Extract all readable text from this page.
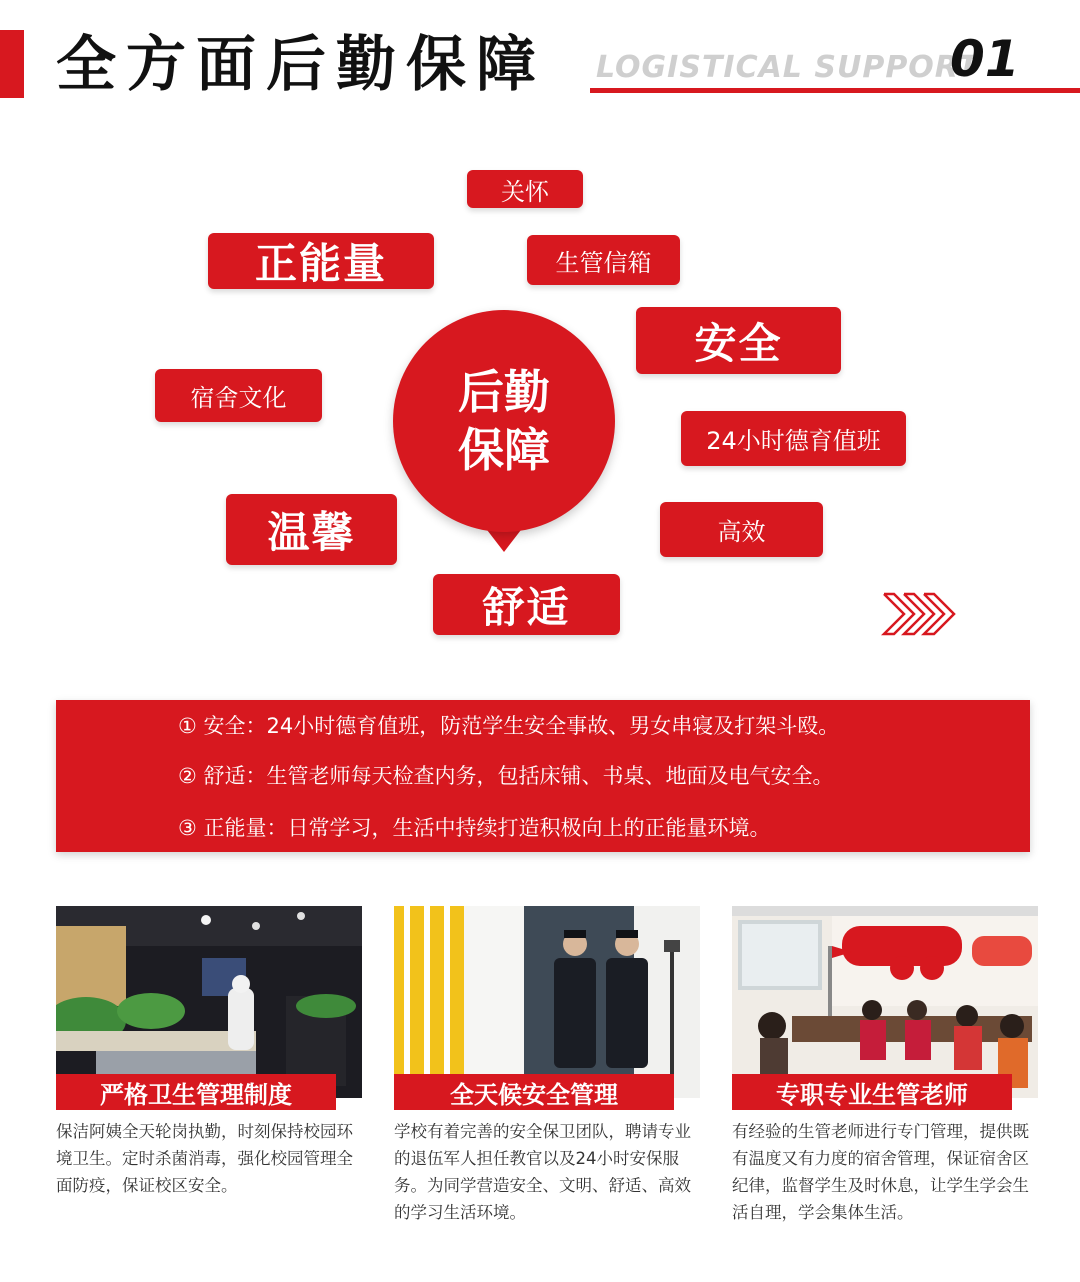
全方面后勤保障 LOGISTICAL SUPPORT
01
关怀
正能量	生管信箱
安全
宿舍文化
24小时德育值班
温馨	高效
舒适
后勤
保障
① 安全：24小时德育值班，防范学生安全事故、男女串寝及打架斗殴。
② 舒适：生管老师每天检查内务，包括床铺、书桌、地面及电气安全。
③ 正能量：日常学习，生活中持续打造积极向上的正能量环境。
严格卫生管理制度
保洁阿姨全天轮岗执勤，时刻保持校园环境卫生。定时杀菌消毒，强化校园管理全面防疫，保证校区安全。
全天候安全管理
学校有着完善的安全保卫团队，聘请专业的退伍军人担任教官以及24小时安保服务。为同学营造安全、文明、舒适、高效的学习生活环境。
专职专业生管老师
有经验的生管老师进行专门管理，提供既有温度又有力度的宿舍管理，保证宿舍区纪律，监督学生及时休息，让学生学会生活自理，学会集体生活。
